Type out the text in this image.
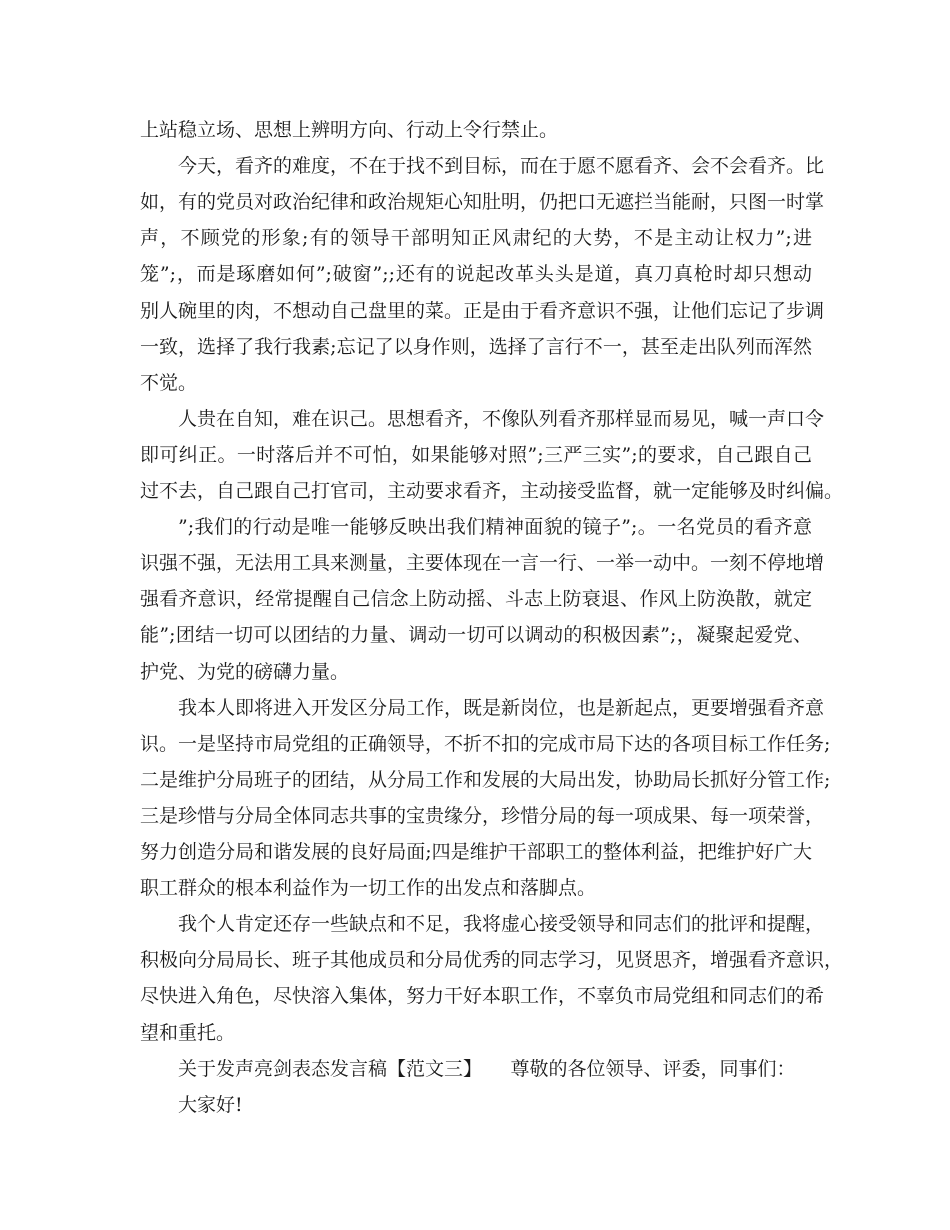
上站稳立场、思想上辨明方向、行动上令行禁止。
今天，看齐的难度，不在于找不到目标，而在于愿不愿看齐、会不会看齐。比
如，有的党员对政治纪律和政治规矩心知肚明，仍把口无遮拦当能耐，只图一时掌
声，不顾党的形象;有的领导干部明知正风肃纪的大势，不是主动让权力”;进
笼”;，而是琢磨如何”;破窗”;;还有的说起改革头头是道，真刀真枪时却只想动
别人碗里的肉，不想动自己盘里的菜。正是由于看齐意识不强，让他们忘记了步调
一致，选择了我行我素;忘记了以身作则，选择了言行不一，甚至走出队列而浑然
不觉。
人贵在自知，难在识己。思想看齐，不像队列看齐那样显而易见，喊一声口令
即可纠正。一时落后并不可怕，如果能够对照”;三严三实”;的要求，自己跟自己
过不去，自己跟自己打官司，主动要求看齐，主动接受监督，就一定能够及时纠偏。
”;我们的行动是唯一能够反映出我们精神面貌的镜子”;。一名党员的看齐意
识强不强，无法用工具来测量，主要体现在一言一行、一举一动中。一刻不停地增
强看齐意识，经常提醒自己信念上防动摇、斗志上防衰退、作风上防涣散，就定
能”;团结一切可以团结的力量、调动一切可以调动的积极因素”;，凝聚起爱党、
护党、为党的磅礴力量。
我本人即将进入开发区分局工作，既是新岗位，也是新起点，更要增强看齐意
识。一是坚持市局党组的正确领导，不折不扣的完成市局下达的各项目标工作任务;
二是维护分局班子的团结，从分局工作和发展的大局出发，协助局长抓好分管工作;
三是珍惜与分局全体同志共事的宝贵缘分，珍惜分局的每一项成果、每一项荣誉，
努力创造分局和谐发展的良好局面;四是维护干部职工的整体利益，把维护好广大
职工群众的根本利益作为一切工作的出发点和落脚点。
我个人肯定还存一些缺点和不足，我将虚心接受领导和同志们的批评和提醒，
积极向分局局长、班子其他成员和分局优秀的同志学习，见贤思齐，增强看齐意识，
尽快进入角色，尽快溶入集体，努力干好本职工作，不辜负市局党组和同志们的希
望和重托。
关于发声亮剑表态发言稿【范文三】　　尊敬的各位领导、评委，同事们：
大家好!
